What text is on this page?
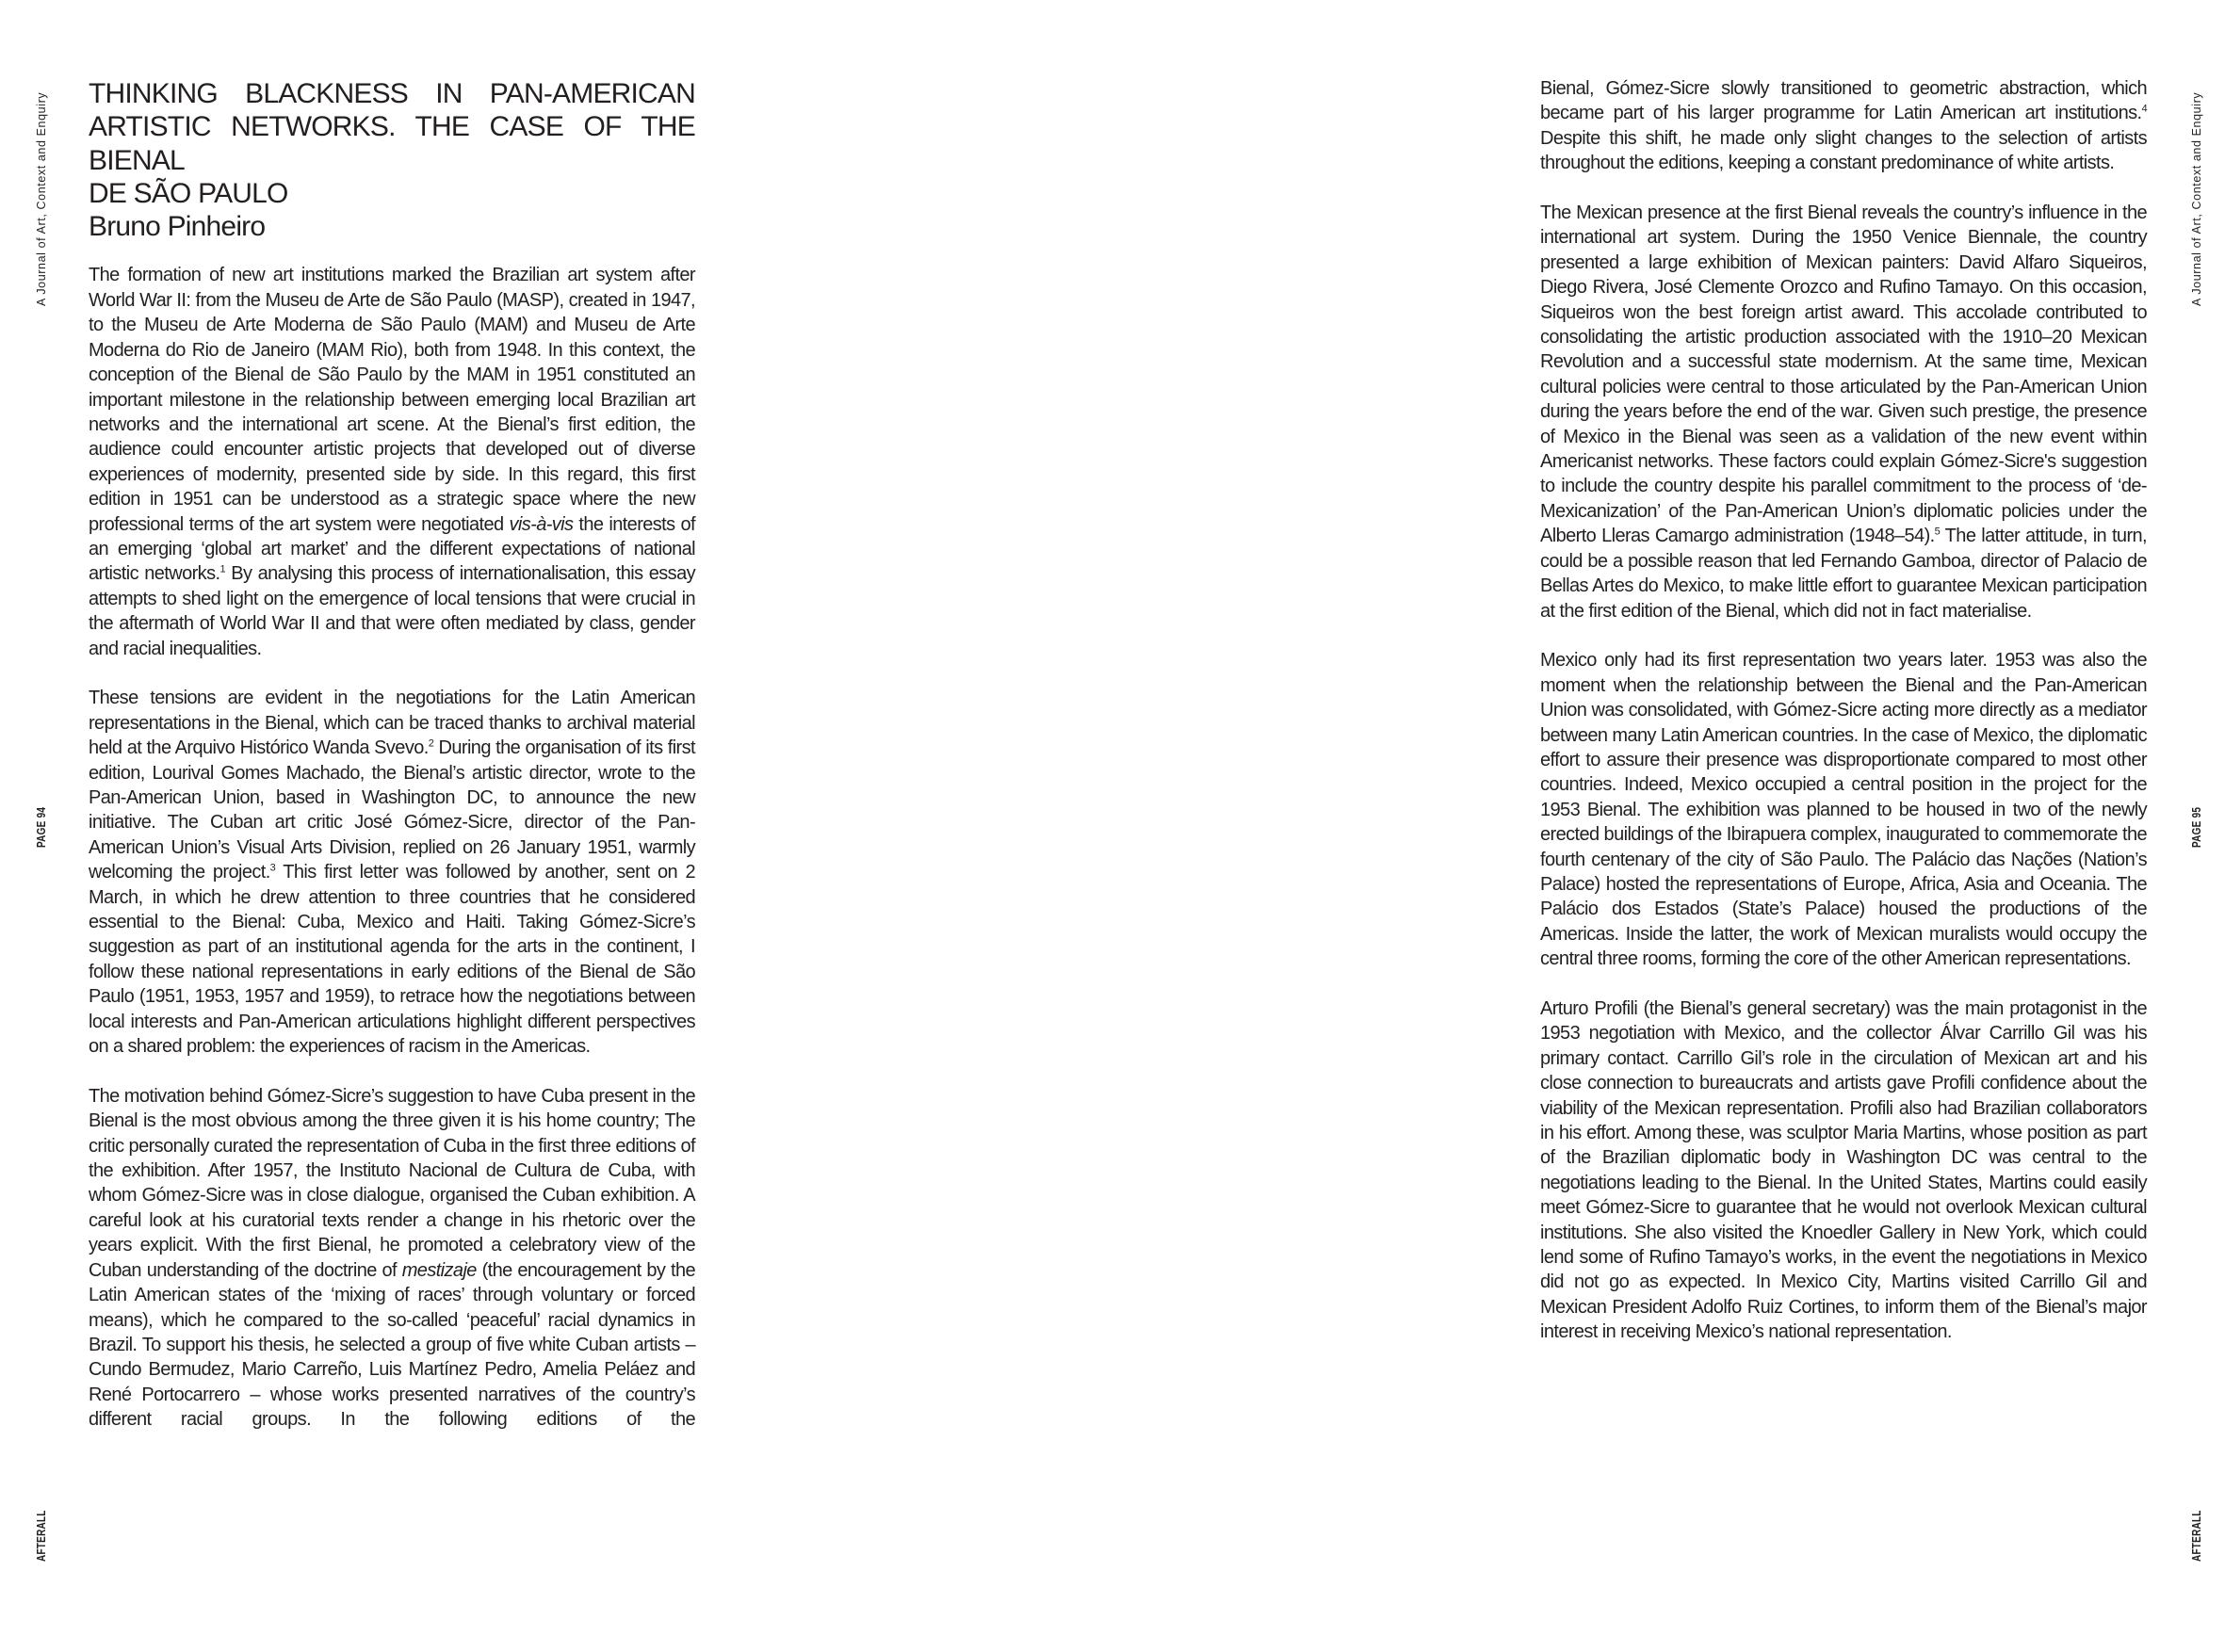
A Journal of Art, Context and Enquiry
PAGE 94
AFTERALL
A Journal of Art, Context and Enquiry
PAGE 95
AFTERALL
THINKING BLACKNESS IN PAN-AMERICAN
ARTISTIC NETWORKS. THE CASE OF THE BIENAL
DE SÃO PAULO
Bruno Pinheiro

The formation of new art institutions marked the Brazilian art system after World War II: from the Museu de Arte de São Paulo (MASP), created in 1947, to the Museu de Arte Moderna de São Paulo (MAM) and Museu de Arte Moderna do Rio de Janeiro (MAM Rio), both from 1948. In this context, the conception of the Bienal de São Paulo by the MAM in 1951 constituted an important milestone in the relationship between emerging local Brazilian art networks and the international art scene. At the Bienal’s first edition, the audience could encounter artistic projects that developed out of diverse experiences of modernity, presented side by side. In this regard, this first edition in 1951 can be understood as a strategic space where the new professional terms of the art system were negotiated vis-à-vis the interests of an emerging ‘global art market’ and the different expectations of national artistic networks.$^1$ By analysing this process of internationalisation, this essay attempts to shed light on the emergence of local tensions that were crucial in the aftermath of World War II and that were often mediated by class, gender and racial inequalities.

These tensions are evident in the negotiations for the Latin American representations in the Bienal, which can be traced thanks to archival material held at the Arquivo Histórico Wanda Svevo.$^2$ During the organisation of its first edition, Lourival Gomes Machado, the Bienal’s artistic director, wrote to the Pan-American Union, based in Washington DC, to announce the new initiative. The Cuban art critic José Gómez-Sicre, director of the Pan-American Union’s Visual Arts Division, replied on 26 January 1951, warmly welcoming the project.$^3$ This first letter was followed by another, sent on 2 March, in which he drew attention to three countries that he considered essential to the Bienal: Cuba, Mexico and Haiti. Taking Gómez-Sicre’s suggestion as part of an institutional agenda for the arts in the continent, I follow these national representations in early editions of the Bienal de São Paulo (1951, 1953, 1957 and 1959), to retrace how the negotiations between local interests and Pan-American articulations highlight different perspectives on a shared problem: the experiences of racism in the Americas.

The motivation behind Gómez-Sicre’s suggestion to have Cuba present in the Bienal is the most obvious among the three given it is his home country; The critic personally curated the representation of Cuba in the first three editions of the exhibition. After 1957, the Instituto Nacional de Cultura de Cuba, with whom Gómez-Sicre was in close dialogue, organised the Cuban exhibition. A careful look at his curatorial texts render a change in his rhetoric over the years explicit. With the first Bienal, he promoted a celebratory view of the Cuban understanding of the doctrine of mestizaje (the encouragement by the Latin American states of the ‘mixing of races’ through voluntary or forced means), which he compared to the so-called ‘peaceful’ racial dynamics in Brazil. To support his thesis, he selected a group of five white Cuban artists – Cundo Bermudez, Mario Carreño, Luis Martínez Pedro, Amelia Peláez and René Portocarrero – whose works presented narratives of the country’s different racial groups. In the following editions of the

Bienal, Gómez-Sicre slowly transitioned to geometric abstraction, which became part of his larger programme for Latin American art institutions.$^4$ Despite this shift, he made only slight changes to the selection of artists throughout the editions, keeping a constant predominance of white artists.

The Mexican presence at the first Bienal reveals the country’s influence in the international art system. During the 1950 Venice Biennale, the country presented a large exhibition of Mexican painters: David Alfaro Siqueiros, Diego Rivera, José Clemente Orozco and Rufino Tamayo. On this occasion, Siqueiros won the best foreign artist award. This accolade contributed to consolidating the artistic production associated with the 1910–20 Mexican Revolution and a successful state modernism. At the same time, Mexican cultural policies were central to those articulated by the Pan-American Union during the years before the end of the war. Given such prestige, the presence of Mexico in the Bienal was seen as a validation of the new event within Americanist networks. These factors could explain Gómez-Sicre's suggestion to include the country despite his parallel commitment to the process of ‘de-Mexicanization’ of the Pan-American Union’s diplomatic policies under the Alberto Lleras Camargo administration (1948–54).$^5$ The latter attitude, in turn, could be a possible reason that led Fernando Gamboa, director of Palacio de Bellas Artes do Mexico, to make little effort to guarantee Mexican participation at the first edition of the Bienal, which did not in fact materialise.

Mexico only had its first representation two years later. 1953 was also the moment when the relationship between the Bienal and the Pan-American Union was consolidated, with Gómez-Sicre acting more directly as a mediator between many Latin American countries. In the case of Mexico, the diplomatic effort to assure their presence was disproportionate compared to most other countries. Indeed, Mexico occupied a central position in the project for the 1953 Bienal. The exhibition was planned to be housed in two of the newly erected buildings of the Ibirapuera complex, inaugurated to commemorate the fourth centenary of the city of São Paulo. The Palácio das Nações (Nation’s Palace) hosted the representations of Europe, Africa, Asia and Oceania. The Palácio dos Estados (State’s Palace) housed the productions of the Americas. Inside the latter, the work of Mexican muralists would occupy the central three rooms, forming the core of the other American representations.

Arturo Profili (the Bienal’s general secretary) was the main protagonist in the 1953 negotiation with Mexico, and the collector Álvar Carrillo Gil was his primary contact. Carrillo Gil’s role in the circulation of Mexican art and his close connection to bureaucrats and artists gave Profili confidence about the viability of the Mexican representation. Profili also had Brazilian collaborators in his effort. Among these, was sculptor Maria Martins, whose position as part of the Brazilian diplomatic body in Washington DC was central to the negotiations leading to the Bienal. In the United States, Martins could easily meet Gómez-Sicre to guarantee that he would not overlook Mexican cultural institutions. She also visited the Knoedler Gallery in New York, which could lend some of Rufino Tamayo’s works, in the event the negotiations in Mexico did not go as expected. In Mexico City, Martins visited Carrillo Gil and Mexican President Adolfo Ruiz Cortines, to inform them of the Bienal’s major interest in receiving Mexico’s national representation.
